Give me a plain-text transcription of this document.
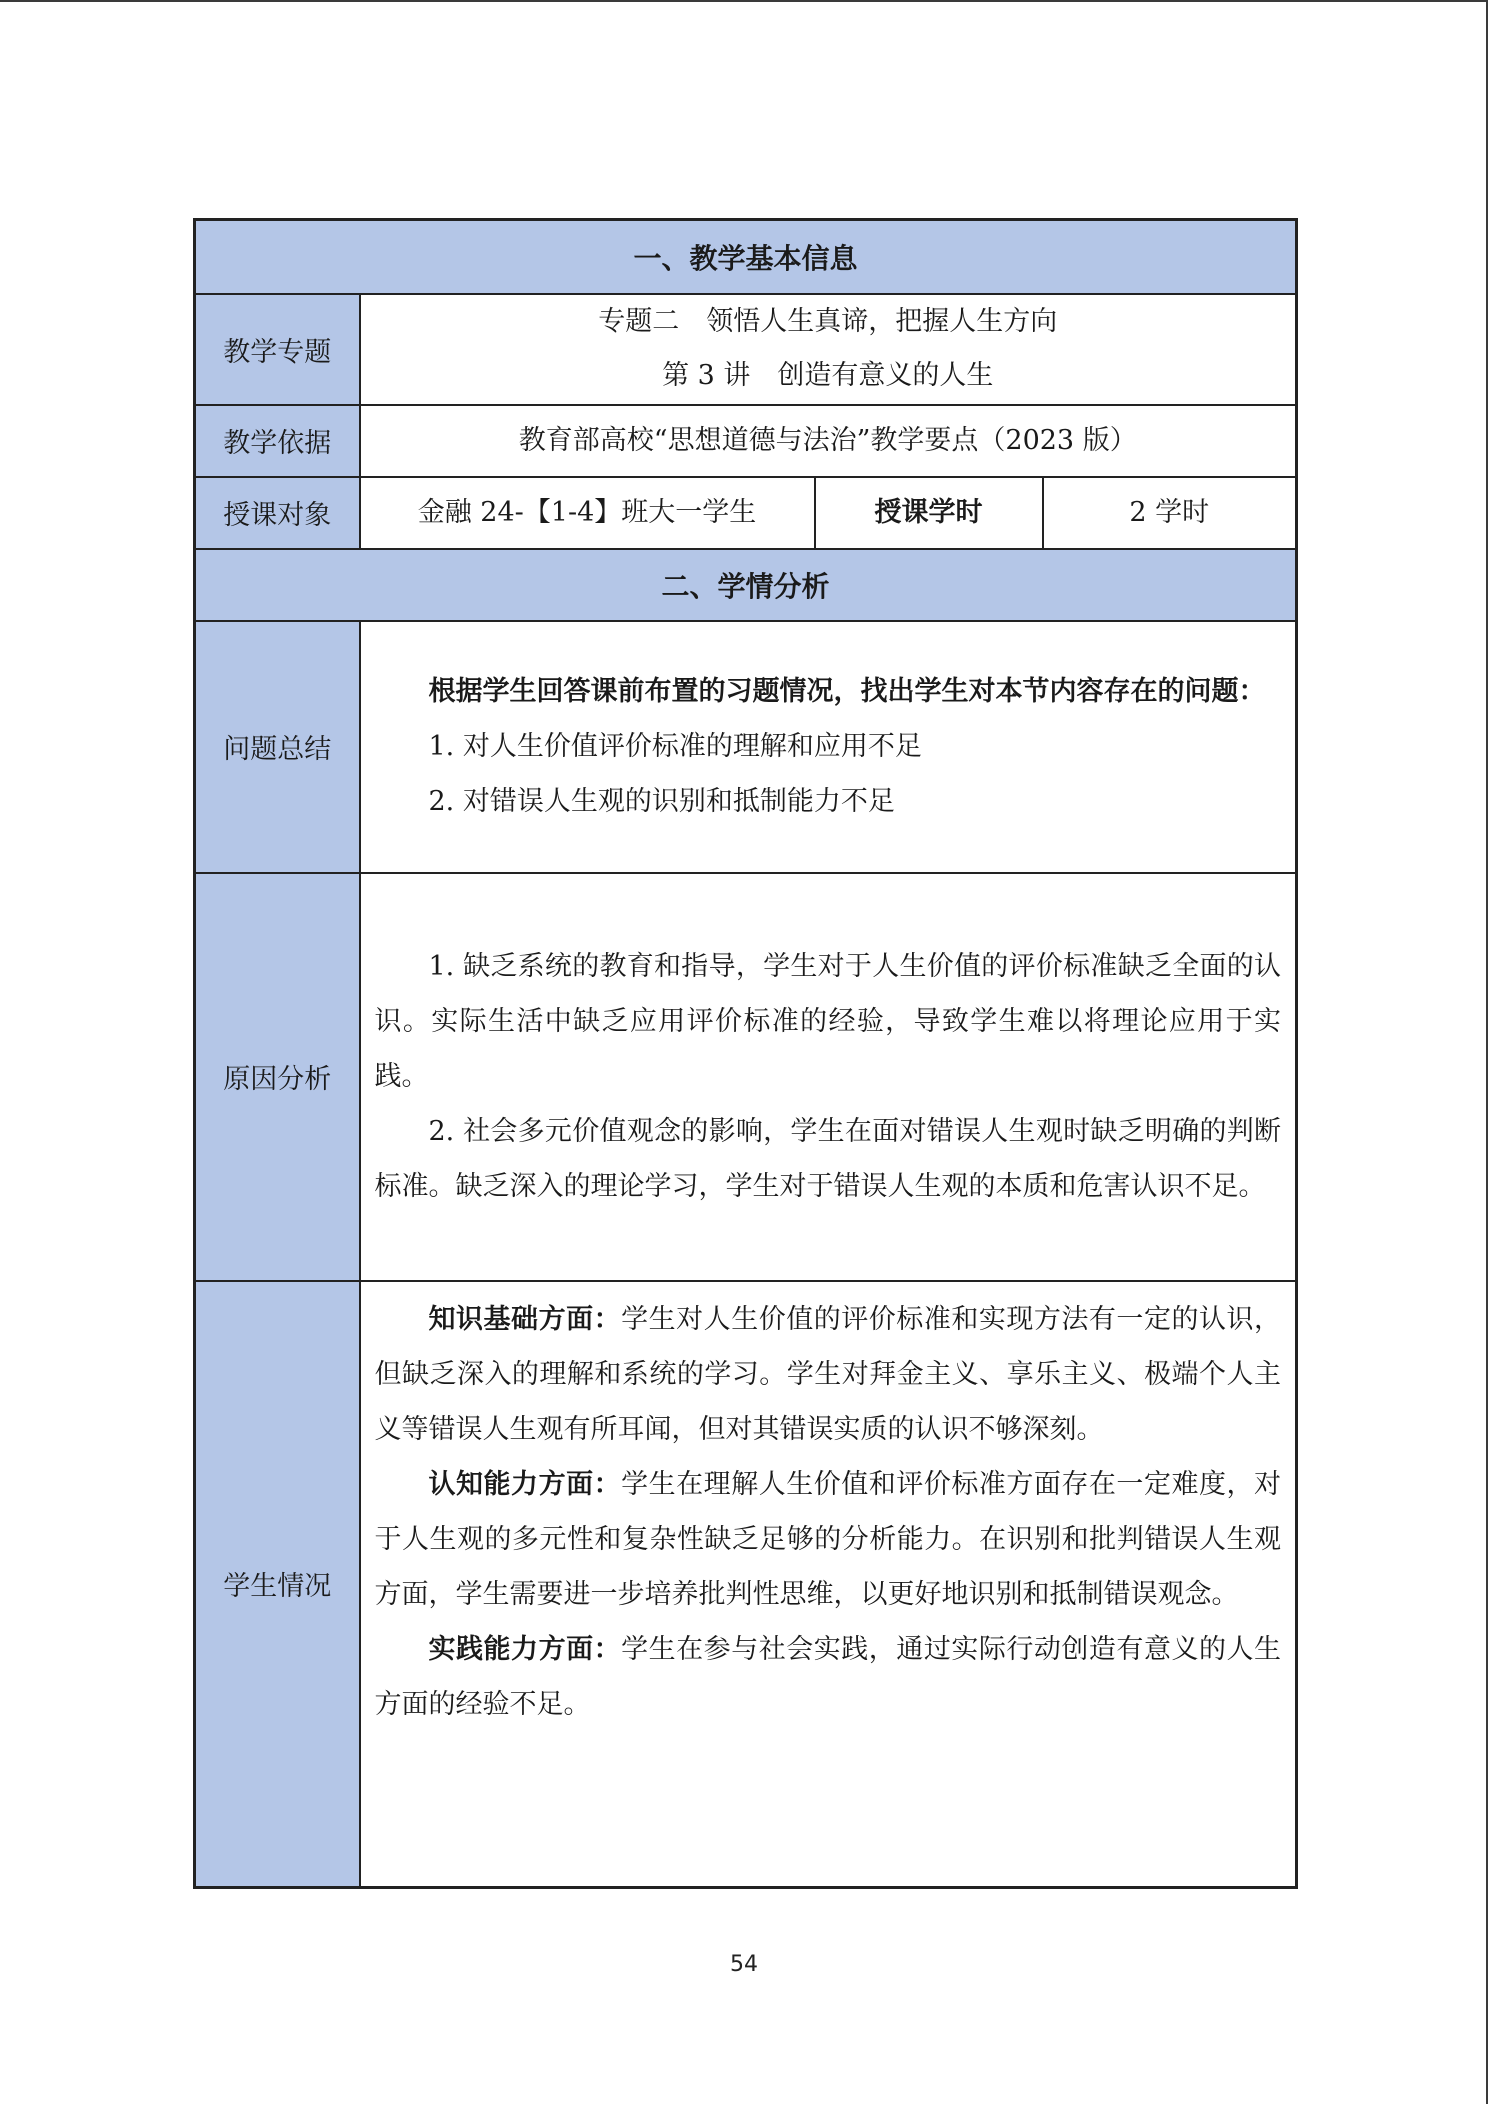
一、教学基本信息			
教学专题	专题二　领悟人生真谛，把握人生方向
第 3 讲　创造有意义的人生		

教学依据	教育部高校“思想道德与法治”教学要点（2023 版）		
授课对象	金融 24-【1-4】班大一学生	授课学时	2 学时
二、学情分析			
问题总结	根据学生回答课前布置的习题情况，找出学生对本节内容存在的问题：

1. 对人生价值评价标准的理解和应用不足

2. 对错误人生观的识别和抵制能力不足		

原因分析	1. 缺乏系统的教育和指导，学生对于人生价值的评价标准缺乏全面的认识。实际生活中缺乏应用评价标准的经验，导致学生难以将理论应用于实践。

2. 社会多元价值观念的影响，学生在面对错误人生观时缺乏明确的判断标准。缺乏深入的理论学习，学生对于错误人生观的本质和危害认识不足。		

学生情况	知识基础方面：学生对人生价值的评价标准和实现方法有一定的认识，但缺乏深入的理解和系统的学习。学生对拜金主义、享乐主义、极端个人主义等错误人生观有所耳闻，但对其错误实质的认识不够深刻。

认知能力方面：学生在理解人生价值和评价标准方面存在一定难度，对于人生观的多元性和复杂性缺乏足够的分析能力。在识别和批判错误人生观方面，学生需要进一步培养批判性思维，以更好地识别和抵制错误观念。

实践能力方面：学生在参与社会实践，通过实际行动创造有意义的人生方面的经验不足。		

54
